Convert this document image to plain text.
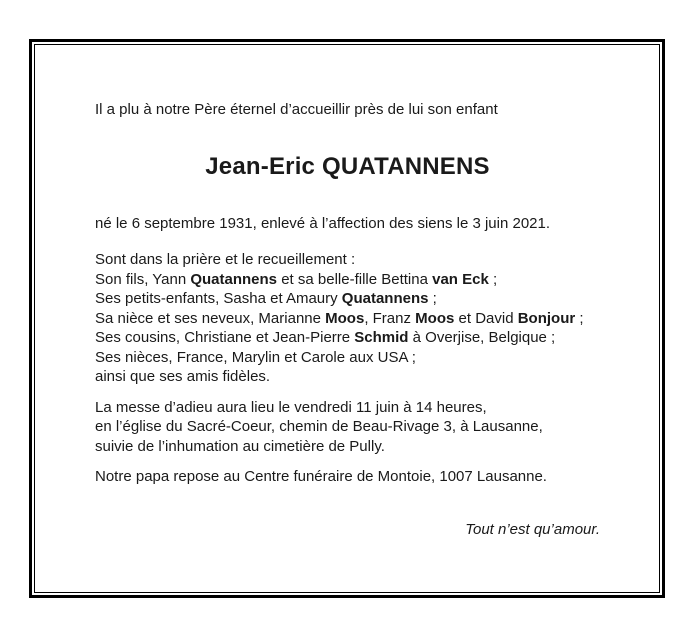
Il a plu à notre Père éternel d’accueillir près de lui son enfant

Jean-Eric QUATANNENS

né le 6 septembre 1931, enlevé à l’affection des siens le 3 juin 2021.

Sont dans la prière et le recueillement :
Son fils, Yann Quatannens et sa belle-fille Bettina van Eck ;
Ses petits-enfants, Sasha et Amaury Quatannens ;
Sa nièce et ses neveux, Marianne Moos, Franz Moos et David Bonjour ;
Ses cousins, Christiane et Jean-Pierre Schmid à Overjise, Belgique ;
Ses nièces, France, Marylin et Carole aux USA ;
ainsi que ses amis fidèles.
La messe d’adieu aura lieu le vendredi 11 juin à 14 heures,
en l’église du Sacré-Coeur, chemin de Beau-Rivage 3, à Lausanne,
suivie de l’inhumation au cimetière de Pully.

Notre papa repose au Centre funéraire de Montoie, 1007 Lausanne.

Tout n’est qu’amour.
